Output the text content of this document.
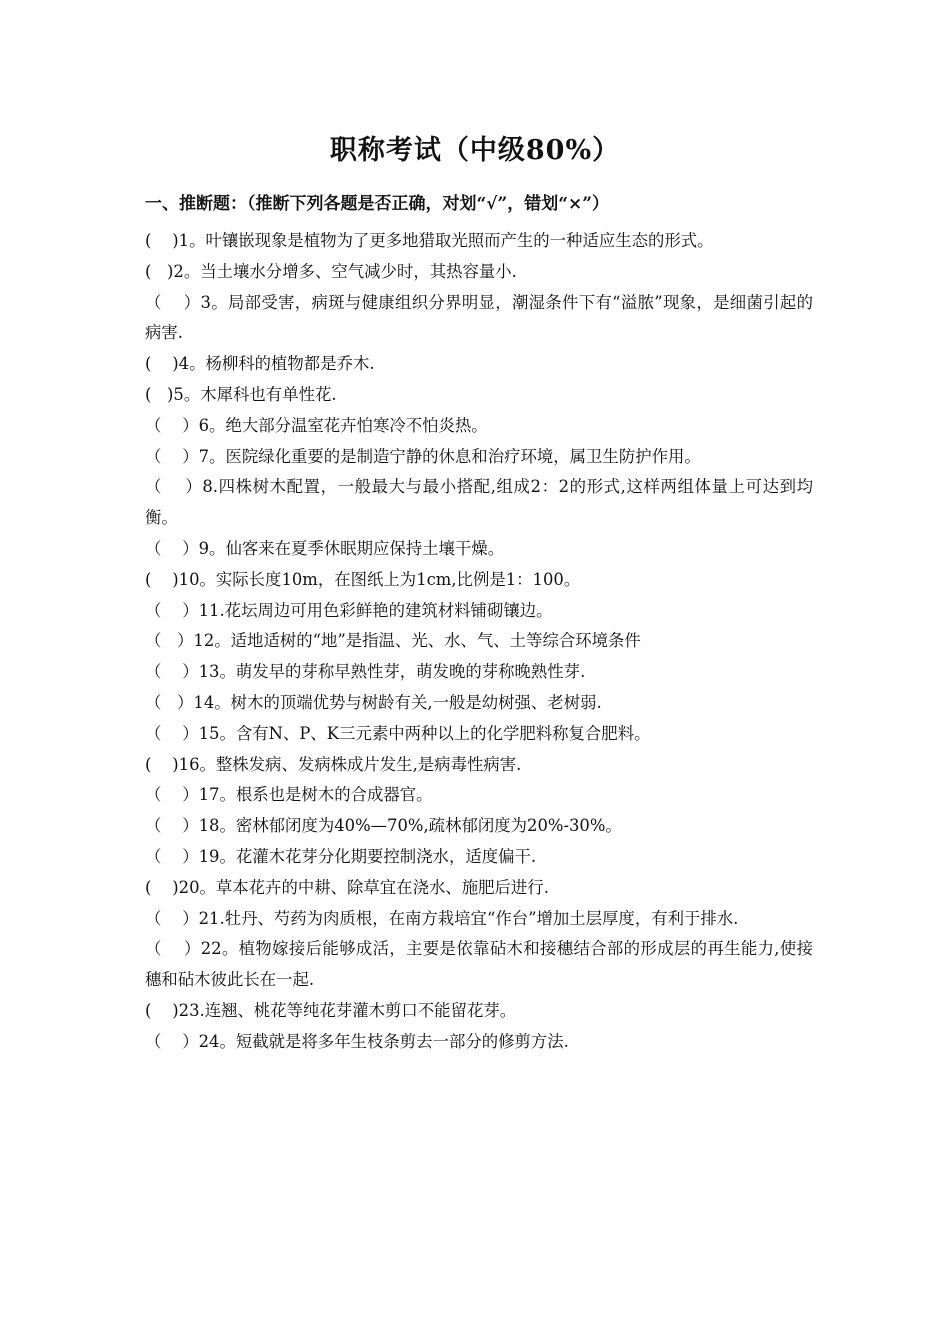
职称考试（中级80%）
一、推断题：（推断下列各题是否正确，对划“√”，错划“×”）
(    )1。叶镶嵌现象是植物为了更多地猎取光照而产生的一种适应生态的形式。
(   )2。当土壤水分增多、空气减少时，其热容量小.
（    ）3。局部受害，病斑与健康组织分界明显，潮湿条件下有“溢脓”现象，是细菌引起的病害.
(    )4。杨柳科的植物都是乔木.
(   )5。木犀科也有单性花.
（    ）6。绝大部分温室花卉怕寒冷不怕炎热。
（    ）7。医院绿化重要的是制造宁静的休息和治疗环境，属卫生防护作用。
（    ）8.四株树木配置，一般最大与最小搭配,组成2：2的形式,这样两组体量上可达到均衡。
（    ）9。仙客来在夏季休眠期应保持土壤干燥。
(    )10。实际长度10m，在图纸上为1cm,比例是1：100。
（    ）11.花坛周边可用色彩鲜艳的建筑材料铺砌镶边。
（   ）12。适地适树的“地”是指温、光、水、气、土等综合环境条件
（    ）13。萌发早的芽称早熟性芽，萌发晚的芽称晚熟性芽.
（   ）14。树木的顶端优势与树龄有关,一般是幼树强、老树弱.
（    ）15。含有N、P、K三元素中两种以上的化学肥料称复合肥料。
(    )16。整株发病、发病株成片发生,是病毒性病害.
（    ）17。根系也是树木的合成器官。
（    ）18。密林郁闭度为40%—70%,疏林郁闭度为20%-30%。
（    ）19。花灌木花芽分化期要控制浇水，适度偏干.
(    )20。草本花卉的中耕、除草宜在浇水、施肥后进行.
（    ）21.牡丹、芍药为肉质根，在南方栽培宜“作台”增加土层厚度，有利于排水.
（    ）22。植物嫁接后能够成活，主要是依靠砧木和接穗结合部的形成层的再生能力,使接穗和砧木彼此长在一起.
(    )23.连翘、桃花等纯花芽灌木剪口不能留花芽。
（    ）24。短截就是将多年生枝条剪去一部分的修剪方法.
